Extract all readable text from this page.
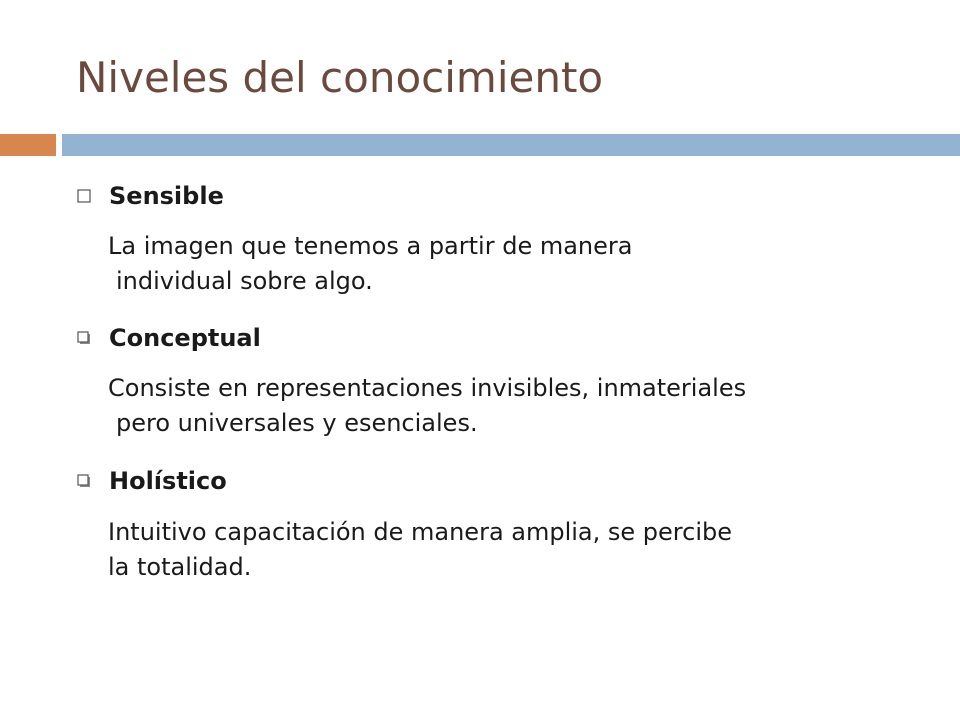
Niveles del conocimiento
Sensible

La imagen que tenemos a partir de manera
individual sobre algo.

Conceptual

Consiste en representaciones invisibles, inmateriales
pero universales y esenciales.

Holístico

Intuitivo capacitación de manera amplia, se percibe
la totalidad.
